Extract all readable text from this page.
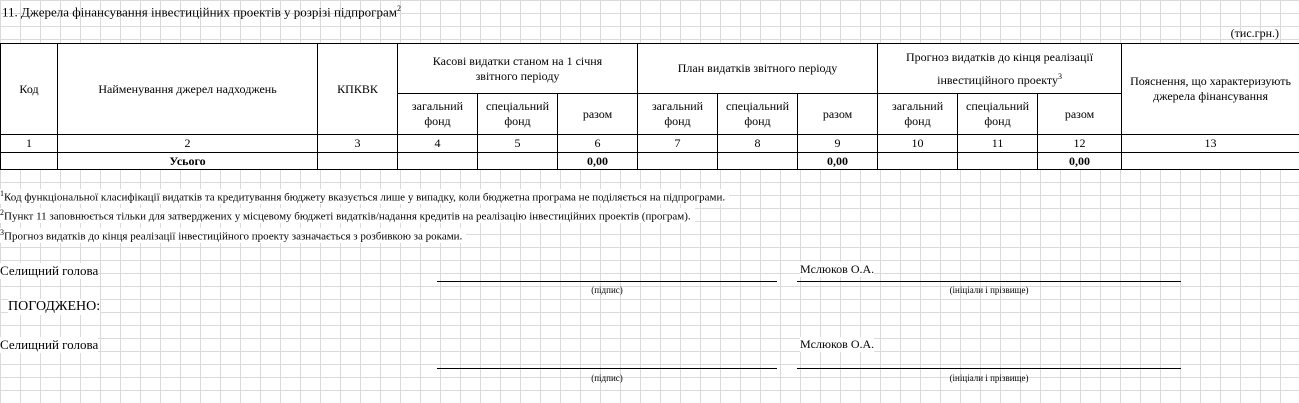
11. Джерела фінансування інвестиційних проектів у розрізі підпрограм$^2$
(тис.грн.)
Код	Найменування джерел надходжень	КПКВК	Касові видатки станом на 1 січня звітного періоду			План видатків звітного періоду			Прогноз видатків до кінця реалізації інвестиційного проекту$^3$			Пояснення, що характеризують джерела фінансування
			загальний фонд	спеціальний фонд	разом	загальний фонд	спеціальний фонд	разом	загальний фонд	спеціальний фонд	разом	
1	2	3	4	5	6	7	8	9	10	11	12	13
	Усього				0,00			0,00			0,00	
$^1$Код функціональної класифікації видатків та кредитування бюджету вказується лише у випадку, коли бюджетна програма не поділяється на підпрограми.
$^2$Пункт 11 заповнюється тільки для затверджених у місцевому бюджеті видатків/надання кредитів на реалізацію інвестиційних проектів (програм).
$^3$Прогноз видатків до кінця реалізації інвестиційного проекту зазначається з розбивкою за роками.
Селищний голова	Мслюков О.А.
(підпис)	(ініціали і прізвище)
ПОГОДЖЕНО:
Селищний голова	Мслюков О.А.
(підпис)	(ініціали і прізвище)
